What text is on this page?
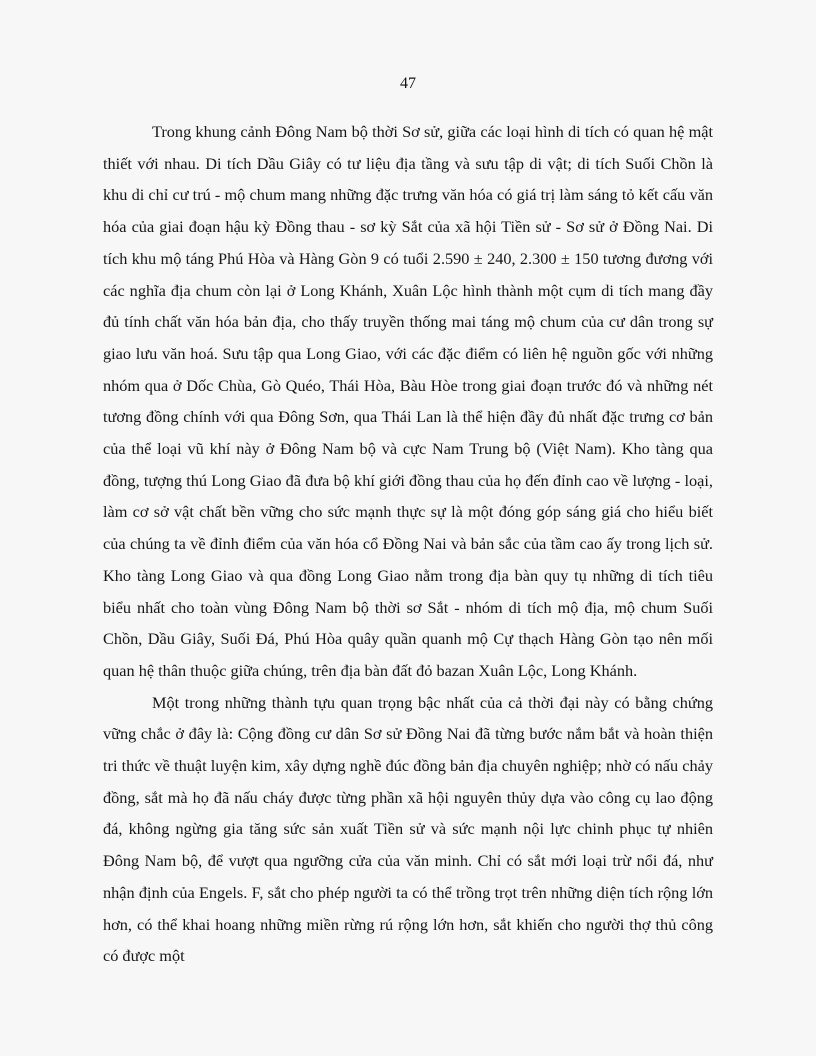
47

Trong khung cảnh Đông Nam bộ thời Sơ sử, giữa các loại hình di tích có quan hệ mật thiết với nhau. Di tích Dầu Giây có tư liệu địa tầng và sưu tập di vật; di tích Suối Chồn là khu di chỉ cư trú - mộ chum mang những đặc trưng văn hóa có giá trị làm sáng tỏ kết cấu văn hóa của giai đoạn hậu kỳ Đồng thau - sơ kỳ Sắt của xã hội Tiền sử - Sơ sử ở Đồng Nai. Di tích khu mộ táng Phú Hòa và Hàng Gòn 9 có tuổi 2.590 ± 240, 2.300 ± 150 tương đương với các nghĩa địa chum còn lại ở Long Khánh, Xuân Lộc hình thành một cụm di tích mang đầy đủ tính chất văn hóa bản địa, cho thấy truyền thống mai táng mộ chum của cư dân trong sự giao lưu văn hoá. Sưu tập qua Long Giao, với các đặc điểm có liên hệ nguồn gốc với những nhóm qua ở Dốc Chùa, Gò Quéo, Thái Hòa, Bàu Hòe trong giai đoạn trước đó và những nét tương đồng chính với qua Đông Sơn, qua Thái Lan là thể hiện đầy đủ nhất đặc trưng cơ bản của thể loại vũ khí này ở Đông Nam bộ và cực Nam Trung bộ (Việt Nam). Kho tàng qua đồng, tượng thú Long Giao đã đưa bộ khí giới đồng thau của họ đến đỉnh cao về lượng - loại, làm cơ sở vật chất bền vững cho sức mạnh thực sự là một đóng góp sáng giá cho hiểu biết của chúng ta về đỉnh điểm của văn hóa cổ Đồng Nai và bản sắc của tầm cao ấy trong lịch sử. Kho tàng Long Giao và qua đồng Long Giao nằm trong địa bàn quy tụ những di tích tiêu biểu nhất cho toàn vùng Đông Nam bộ thời sơ Sắt - nhóm di tích mộ địa, mộ chum Suối Chồn, Dầu Giây, Suối Đá, Phú Hòa quây quần quanh mộ Cự thạch Hàng Gòn tạo nên mối quan hệ thân thuộc giữa chúng, trên địa bàn đất đỏ bazan Xuân Lộc, Long Khánh.

Một trong những thành tựu quan trọng bậc nhất của cả thời đại này có bằng chứng vững chắc ở đây là: Cộng đồng cư dân Sơ sử Đồng Nai đã từng bước nắm bắt và hoàn thiện tri thức về thuật luyện kim, xây dựng nghề đúc đồng bản địa chuyên nghiệp; nhờ có nấu chảy đồng, sắt mà họ đã nấu cháy được từng phần xã hội nguyên thủy dựa vào công cụ lao động đá, không ngừng gia tăng sức sản xuất Tiền sử và sức mạnh nội lực chinh phục tự nhiên Đông Nam bộ, để vượt qua ngưỡng cửa của văn minh. Chỉ có sắt mới loại trừ nổi đá, như nhận định của Engels. F, sắt cho phép người ta có thể trồng trọt trên những diện tích rộng lớn hơn, có thể khai hoang những miền rừng rú rộng lớn hơn, sắt khiến cho người thợ thủ công có được một
